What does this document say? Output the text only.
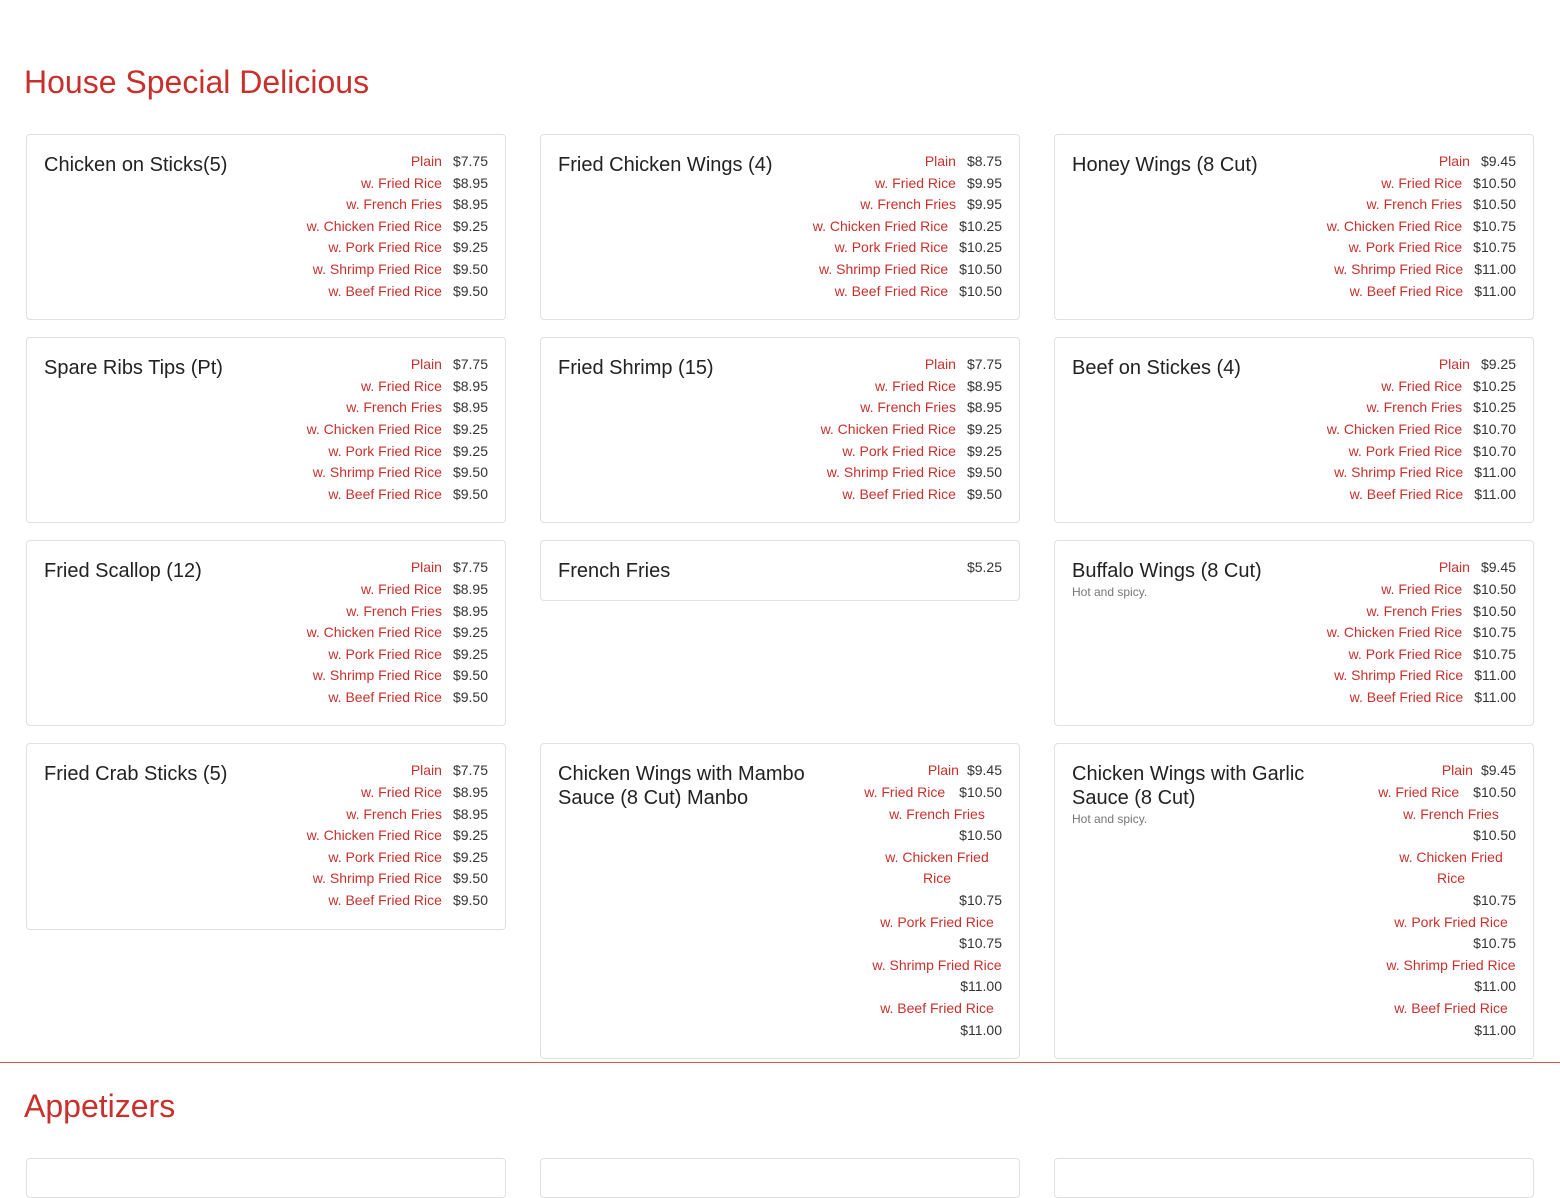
House Special Delicious
Chicken on Sticks(5)	Plain $7.75
w. Fried Rice $8.95
w. French Fries $8.95
w. Chicken Fried Rice $9.25
w. Pork Fried Rice $9.25
w. Shrimp Fried Rice $9.50
w. Beef Fried Rice $9.50
Fried Chicken Wings (4)	Plain $8.75
w. Fried Rice $9.95
w. French Fries $9.95
w. Chicken Fried Rice $10.25
w. Pork Fried Rice $10.25
w. Shrimp Fried Rice $10.50
w. Beef Fried Rice $10.50
Honey Wings (8 Cut)	Plain $9.45
w. Fried Rice $10.50
w. French Fries $10.50
w. Chicken Fried Rice $10.75
w. Pork Fried Rice $10.75
w. Shrimp Fried Rice $11.00
w. Beef Fried Rice $11.00
Spare Ribs Tips (Pt)	Plain $7.75
w. Fried Rice $8.95
w. French Fries $8.95
w. Chicken Fried Rice $9.25
w. Pork Fried Rice $9.25
w. Shrimp Fried Rice $9.50
w. Beef Fried Rice $9.50
Fried Shrimp (15)	Plain $7.75
w. Fried Rice $8.95
w. French Fries $8.95
w. Chicken Fried Rice $9.25
w. Pork Fried Rice $9.25
w. Shrimp Fried Rice $9.50
w. Beef Fried Rice $9.50
Beef on Stickes (4)	Plain $9.25
w. Fried Rice $10.25
w. French Fries $10.25
w. Chicken Fried Rice $10.70
w. Pork Fried Rice $10.70
w. Shrimp Fried Rice $11.00
w. Beef Fried Rice $11.00
Fried Scallop (12)	Plain $7.75
w. Fried Rice $8.95
w. French Fries $8.95
w. Chicken Fried Rice $9.25
w. Pork Fried Rice $9.25
w. Shrimp Fried Rice $9.50
w. Beef Fried Rice $9.50
French Fries	$5.25	Buffalo Wings (8 Cut)
Hot and spicy.
Plain $9.45
w. Fried Rice $10.50
w. French Fries $10.50
w. Chicken Fried Rice $10.75
w. Pork Fried Rice $10.75
w. Shrimp Fried Rice $11.00
w. Beef Fried Rice $11.00
Fried Crab Sticks (5)	Plain $7.75
w. Fried Rice $8.95
w. French Fries $8.95
w. Chicken Fried Rice $9.25
w. Pork Fried Rice $9.25
w. Shrimp Fried Rice $9.50
w. Beef Fried Rice $9.50
Chicken Wings with Mambo Sauce (8 Cut) Manbo
Plain $9.45
w. Fried Rice $10.50
w. French Fries
$10.50
w. Chicken Fried Rice
$10.75
w. Pork Fried Rice
$10.75
w. Shrimp Fried Rice
$11.00
w. Beef Fried Rice
$11.00
Chicken Wings with Garlic Sauce (8 Cut)
Hot and spicy.
Plain $9.45
w. Fried Rice $10.50
w. French Fries
$10.50
w. Chicken Fried Rice
$10.75
w. Pork Fried Rice
$10.75
w. Shrimp Fried Rice
$11.00
w. Beef Fried Rice
$11.00
Appetizers
